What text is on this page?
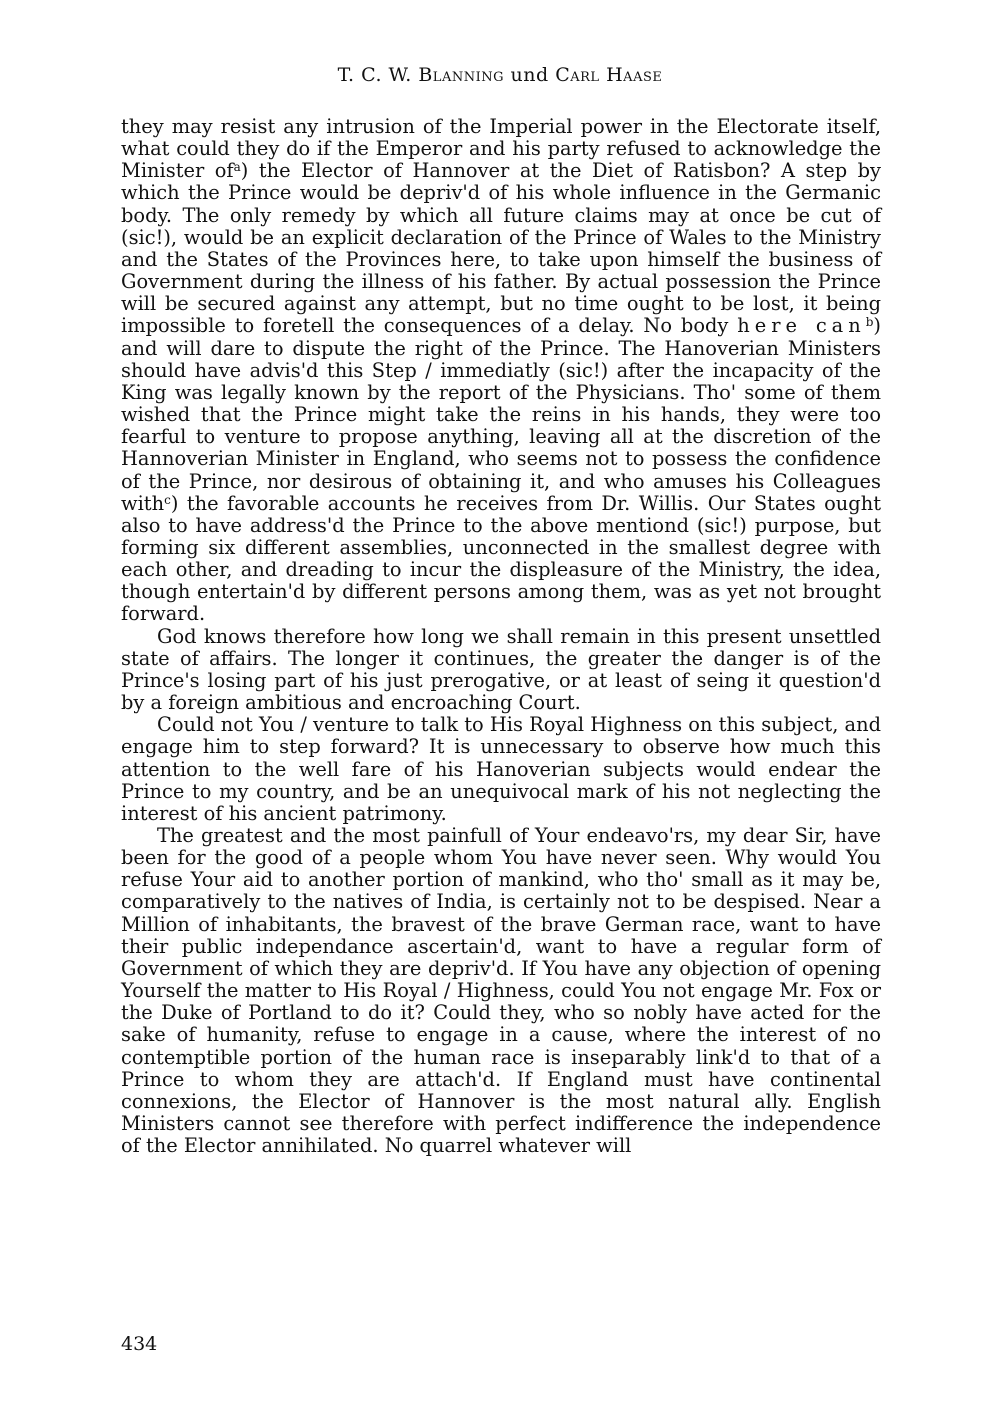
T. C. W. Blanning und Carl Haase

they may resist any intrusion of the Imperial power in the Electorate itself, what could they do if the Emperor and his party refused to acknowledge the Minister $of^a$) the Elector of Hannover at the Diet of Ratisbon? A step by which the Prince would be depriv'd of his whole influence in the Germanic body. The only remedy by which all future claims may at once be cut of (sic!), would be an explicit declaration of the Prince of Wales to the Ministry and the States of the Provinces here, to take upon himself the business of Government during the illness of his father. By actual possession the Prince will be secured against any attempt, but no time ought to be lost, it being impossible to foretell the consequences of a delay. No body here can$^b$) and will dare to dispute the right of the Prince. The Hanoverian Ministers should have advis'd this Step / immediatly (sic!) after the incapacity of the King was legally known by the report of the Physicians. Tho' some of them wished that the Prince might take the reins in his hands, they were too fearful to venture to propose anything, leaving all at the discretion of the Hannoverian Minister in England, who seems not to possess the confidence of the Prince, nor desirous of obtaining it, and who amuses his Colleagues with$^c$) the favorable accounts he receives from Dr. Willis. Our States ought also to have address'd the Prince to the above mentiond (sic!) purpose, but forming six different assemblies, unconnected in the smallest degree with each other, and dreading to incur the displeasure of the Ministry, the idea, though entertain'd by different persons among them, was as yet not brought forward.

God knows therefore how long we shall remain in this present unsettled state of affairs. The longer it continues, the greater the danger is of the Prince's losing part of his just prerogative, or at least of seing it question'd by a foreign ambitious and encroaching Court.

Could not You / venture to talk to His Royal Highness on this subject, and engage him to step forward? It is unnecessary to observe how much this attention to the well fare of his Hanoverian subjects would endear the Prince to my country, and be an unequivocal mark of his not neglecting the interest of his ancient patrimony.

The greatest and the most painfull of Your endeavo'rs, my dear Sir, have been for the good of a people whom You have never seen. Why would You refuse Your aid to another portion of mankind, who tho' small as it may be, comparatively to the natives of India, is certainly not to be despised. Near a Million of inhabitants, the bravest of the brave German race, want to have their public independance ascertain'd, want to have a regular form of Government of which they are depriv'd. If You have any objection of opening Yourself the matter to His Royal / Highness, could You not engage Mr. Fox or the Duke of Portland to do it? Could they, who so nobly have acted for the sake of humanity, refuse to engage in a cause, where the interest of no contemptible portion of the human race is inseparably link'd to that of a Prince to whom they are attach'd. If England must have continental connexions, the Elector of Hannover is the most natural ally. English Ministers cannot see therefore with perfect indifference the independence of the Elector annihilated. No quarrel whatever will

434
